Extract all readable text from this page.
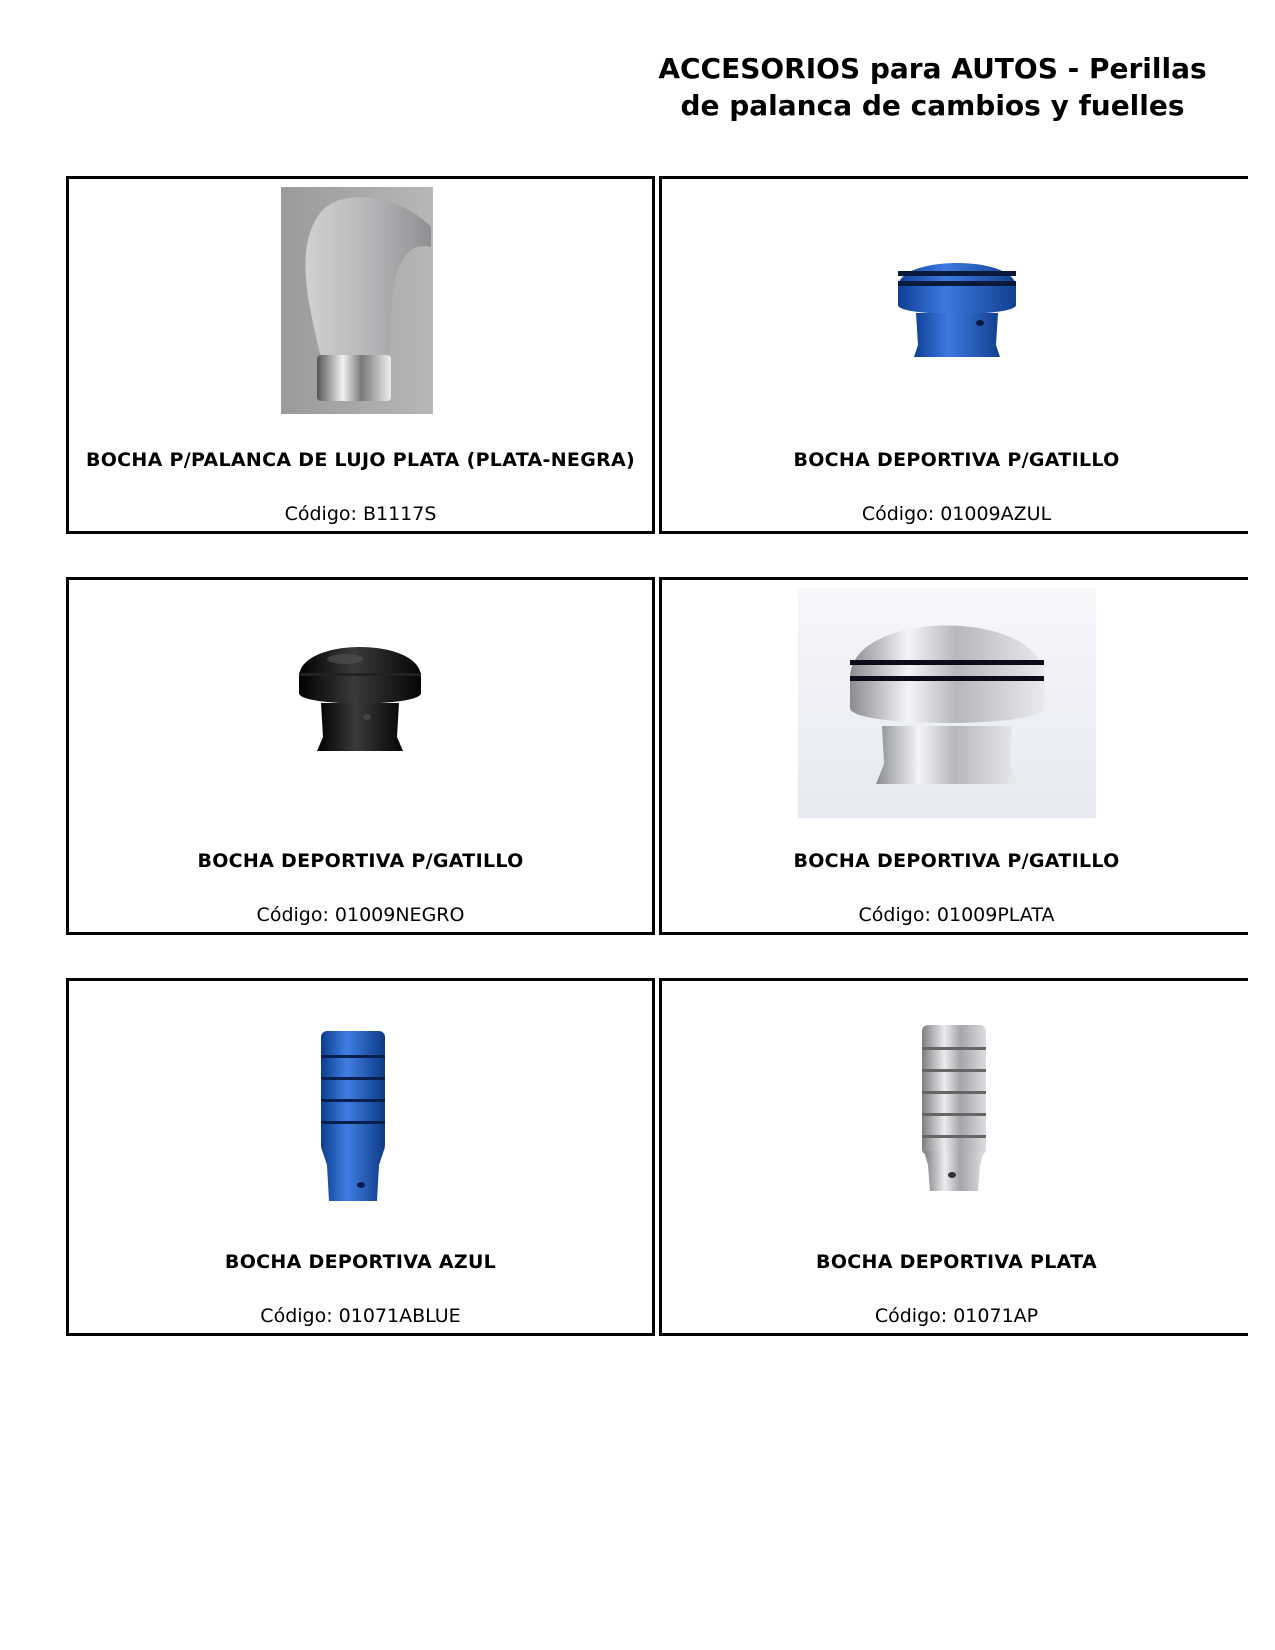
ACCESORIOS para AUTOS - Perillas
de palanca de cambios y fuelles
BOCHA P/PALANCA DE LUJO PLATA (PLATA-NEGRA)
Código: B1117S
BOCHA DEPORTIVA P/GATILLO
Código: 01009AZUL
BOCHA DEPORTIVA P/GATILLO
Código: 01009NEGRO
BOCHA DEPORTIVA P/GATILLO
Código: 01009PLATA
BOCHA DEPORTIVA AZUL
Código: 01071ABLUE
BOCHA DEPORTIVA PLATA
Código: 01071AP
